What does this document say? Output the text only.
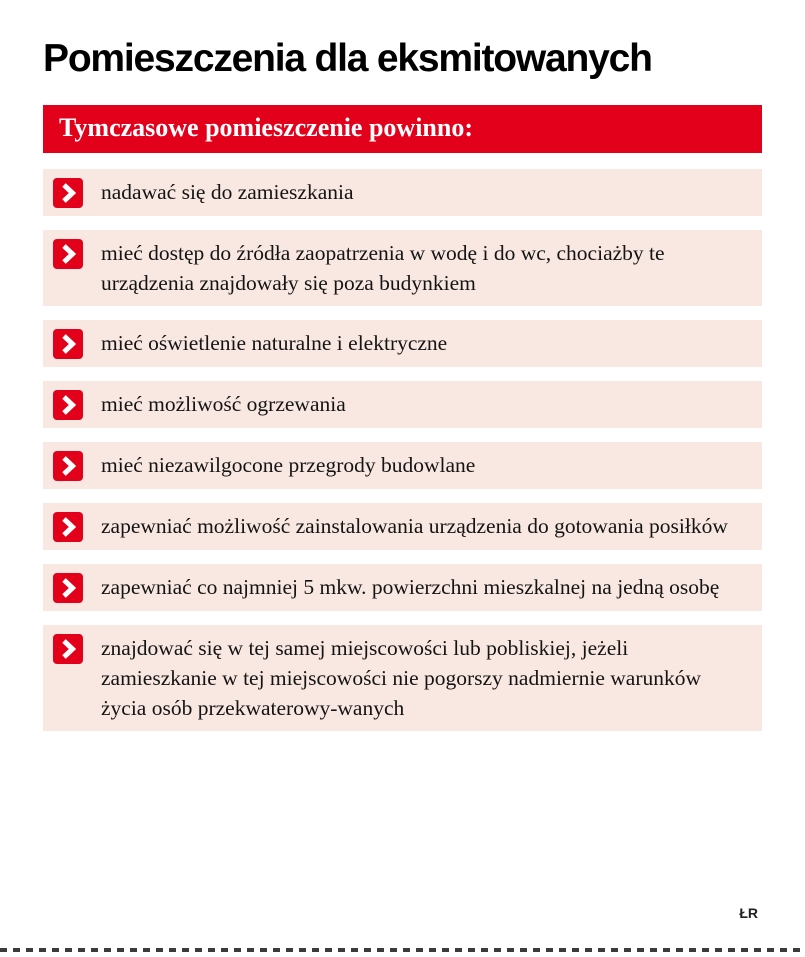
Pomieszczenia dla eksmitowanych
Tymczasowe pomieszczenie powinno:
nadawać się do zamieszkania
mieć dostęp do źródła zaopatrzenia w wodę i do wc, chociażby te urządzenia znajdowały się poza budynkiem
mieć oświetlenie naturalne i elektryczne
mieć możliwość ogrzewania
mieć niezawilgocone przegrody budowlane
zapewniać możliwość zainstalowania urządzenia do gotowania posiłków
zapewniać co najmniej 5 mkw. powierzchni mieszkalnej na jedną osobę
znajdować się w tej samej miejscowości lub pobliskiej, jeżeli zamieszkanie w tej miejscowości nie pogorszy nadmiernie warunków życia osób przekwaterowy-wanych
ŁR
